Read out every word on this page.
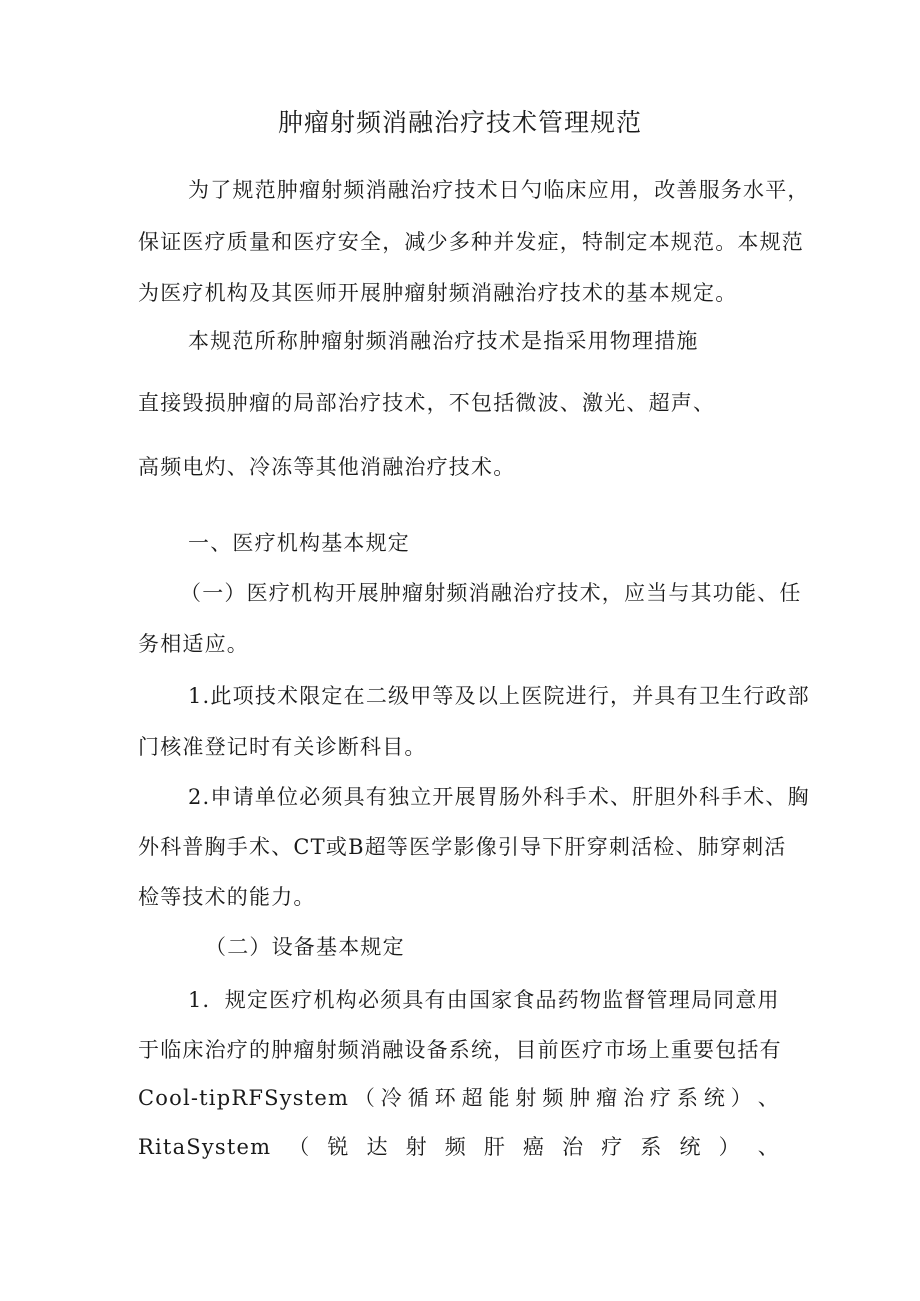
肿瘤射频消融治疗技术管理规范
为了规范肿瘤射频消融治疗技术日勺临床应用，改善服务水平，
保证医疗质量和医疗安全，减少多种并发症，特制定本规范。本规范
为医疗机构及其医师开展肿瘤射频消融治疗技术的基本规定。
本规范所称肿瘤射频消融治疗技术是指采用物理措施
直接毁损肿瘤的局部治疗技术，不包括微波、激光、超声、
高频电灼、冷冻等其他消融治疗技术。
一、医疗机构基本规定
（一）医疗机构开展肿瘤射频消融治疗技术，应当与其功能、任
务相适应。
1.此项技术限定在二级甲等及以上医院进行，并具有卫生行政部
门核准登记时有关诊断科目。
2.申请单位必须具有独立开展胃肠外科手术、肝胆外科手术、胸
外科普胸手术、CT或B超等医学影像引导下肝穿刺活检、肺穿刺活
检等技术的能力。
（二）设备基本规定
1．规定医疗机构必须具有由国家食品药物监督管理局同意用
于临床治疗的肿瘤射频消融设备系统，目前医疗市场上重要包括有
Cool-tipRFSystem （ 冷 循 环 超 能 射 频 肿 瘤 治 疗 系 统 ） 、
RitaSystem （ 锐 达 射 频 肝 癌 治 疗 系 统 ） 、
